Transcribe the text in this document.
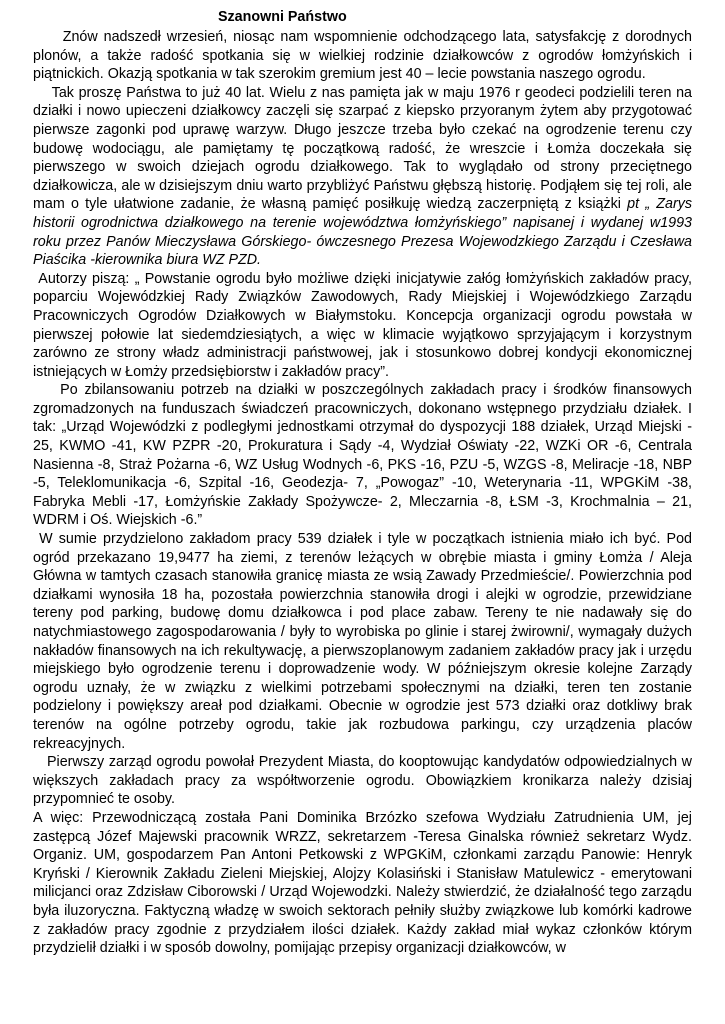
Szanowni Państwo

Znów nadszedł wrzesień, niosąc nam wspomnienie odchodzącego lata, satysfakcję z dorodnych plonów, a także radość spotkania się w wielkiej rodzinie działkowców z ogrodów łomżyńskich i piątnickich. Okazją spotkania w tak szerokim gremium jest 40 – lecie powstania naszego ogrodu.

Tak proszę Państwa to już 40 lat. Wielu z nas pamięta jak w maju 1976 r geodeci podzielili teren na działki i nowo upieczeni działkowcy zaczęli się szarpać z kiepsko przyoranym żytem aby przygotować pierwsze zagonki pod uprawę warzyw. Długo jeszcze trzeba było czekać na ogrodzenie terenu czy budowę wodociągu, ale pamiętamy tę początkową radość, że wreszcie i Łomża doczekała się pierwszego w swoich dziejach ogrodu działkowego. Tak to wyglądało od strony przeciętnego działkowicza, ale w dzisiejszym dniu warto przybliżyć Państwu głębszą historię. Podjąłem się tej roli, ale mam o tyle ułatwione zadanie, że własną pamięć posiłkuję wiedzą zaczerpniętą z książki pt „ Zarys historii ogrodnictwa działkowego na terenie województwa łomżyńskiego” napisanej i wydanej w1993 roku przez Panów Mieczysława Górskiego- ówczesnego Prezesa Wojewodzkiego Zarządu i Czesława Piaścika -kierownika biura WZ PZD.

Autorzy piszą: „ Powstanie ogrodu było możliwe dzięki inicjatywie załóg łomżyńskich zakładów pracy, poparciu Wojewódzkiej Rady Związków Zawodowych, Rady Miejskiej i Wojewódzkiego Zarządu Pracowniczych Ogrodów Działkowych w Białymstoku. Koncepcja organizacji ogrodu powstała w pierwszej połowie lat siedemdziesiątych, a więc w klimacie wyjątkowo sprzyjającym i korzystnym zarówno ze strony władz administracji państwowej, jak i stosunkowo dobrej kondycji ekonomicznej istniejących w Łomży przedsiębiorstw i zakładów pracy”.

Po zbilansowaniu potrzeb na działki w poszczególnych zakładach pracy i środków finansowych zgromadzonych na funduszach świadczeń pracowniczych, dokonano wstępnego przydziału działek. I tak: „Urząd Wojewódzki z podległymi jednostkami otrzymał do dyspozycji 188 działek, Urząd Miejski - 25, KWMO -41, KW PZPR -20, Prokuratura i Sądy -4, Wydział Oświaty -22, WZKi OR -6, Centrala Nasienna -8, Straż Pożarna -6, WZ Usług Wodnych -6, PKS -16, PZU -5, WZGS -8, Meliracje -18, NBP -5, Teleklomunikacja -6, Szpital -16, Geodezja- 7, „Powogaz” -10, Weterynaria -11, WPGKiM -38, Fabryka Mebli -17, Łomżyńskie Zakłady Spożywcze- 2, Mleczarnia -8, ŁSM -3, Krochmalnia – 21, WDRM i Oś. Wiejskich -6.”

W sumie przydzielono zakładom pracy 539 działek i tyle w początkach istnienia miało ich być. Pod ogród przekazano 19,9477 ha ziemi, z terenów leżących w obrębie miasta i gminy Łomża / Aleja Główna w tamtych czasach stanowiła granicę miasta ze wsią Zawady Przedmieście/. Powierzchnia pod działkami wynosiła 18 ha, pozostała powierzchnia stanowiła drogi i alejki w ogrodzie, przewidziane tereny pod parking, budowę domu działkowca i pod place zabaw. Tereny te nie nadawały się do natychmiastowego zagospodarowania / były to wyrobiska po glinie i starej żwirowni/, wymagały dużych nakładów finansowych na ich rekultywację, a pierwszoplanowym zadaniem zakładów pracy jak i urzędu miejskiego było ogrodzenie terenu i doprowadzenie wody. W późniejszym okresie kolejne Zarządy ogrodu uznały, że w związku z wielkimi potrzebami społecznymi na działki, teren ten zostanie podzielony i powiększy areał pod działkami. Obecnie w ogrodzie jest 573 działki oraz dotkliwy brak terenów na ogólne potrzeby ogrodu, takie jak rozbudowa parkingu, czy urządzenia placów rekreacyjnych.

Pierwszy zarząd ogrodu powołał Prezydent Miasta, do kooptowując kandydatów odpowiedzialnych w większych zakładach pracy za współtworzenie ogrodu. Obowiązkiem kronikarza należy dzisiaj przypomnieć te osoby.

A więc: Przewodniczącą została Pani Dominika Brzózko szefowa Wydziału Zatrudnienia UM, jej zastępcą Józef Majewski pracownik WRZZ, sekretarzem -Teresa Ginalska również sekretarz Wydz. Organiz. UM, gospodarzem Pan Antoni Petkowski z WPGKiM, członkami zarządu Panowie: Henryk Kryński / Kierownik Zakładu Zieleni Miejskiej, Alojzy Kolasiński i Stanisław Matulewicz - emerytowani milicjanci oraz Zdzisław Ciborowski / Urząd Wojewodzki. Należy stwierdzić, że działalność tego zarządu była iluzoryczna. Faktyczną władzę w swoich sektorach pełniły służby związkowe lub komórki kadrowe z zakładów pracy zgodnie z przydziałem ilości działek. Każdy zakład miał wykaz członków którym przydzielił działki i w sposób dowolny, pomijając przepisy organizacji działkowców, w
